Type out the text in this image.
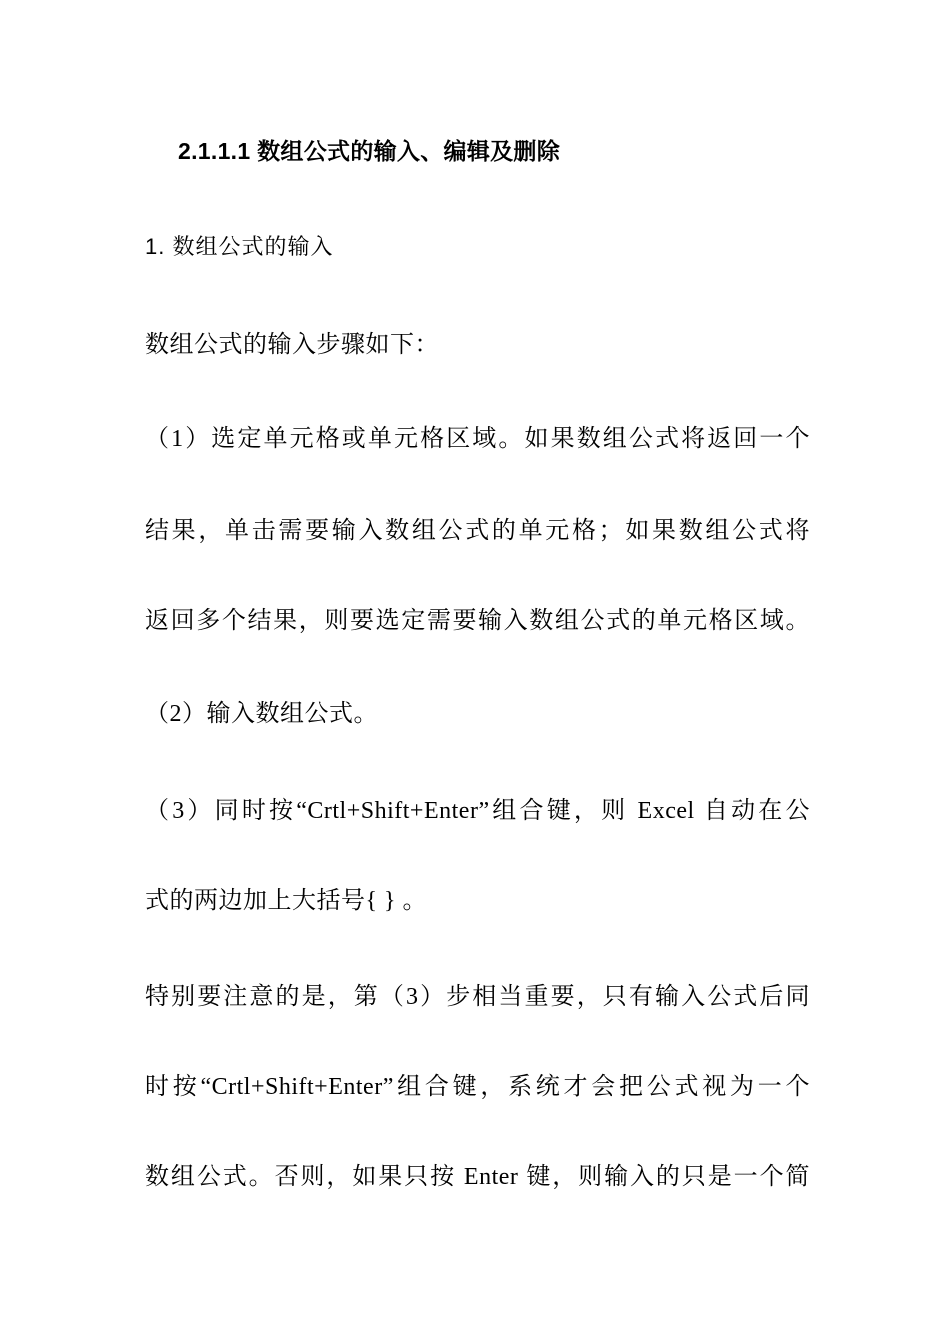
2.1.1.1 数组公式的输入、编辑及删除
1. 数组公式的输入
数组公式的输入步骤如下：
（1）选定单元格或单元格区域。如果数组公式将返回一个
结果，单击需要输入数组公式的单元格；如果数组公式将
返回多个结果，则要选定需要输入数组公式的单元格区域。
（2）输入数组公式。
（3）同时按“Crtl+Shift+Enter”组合键，则 Excel 自动在公
式的两边加上大括号{ } 。
特别要注意的是，第（3）步相当重要，只有输入公式后同
时按“Crtl+Shift+Enter”组合键，系统才会把公式视为一个
数组公式。否则，如果只按 Enter 键，则输入的只是一个简
